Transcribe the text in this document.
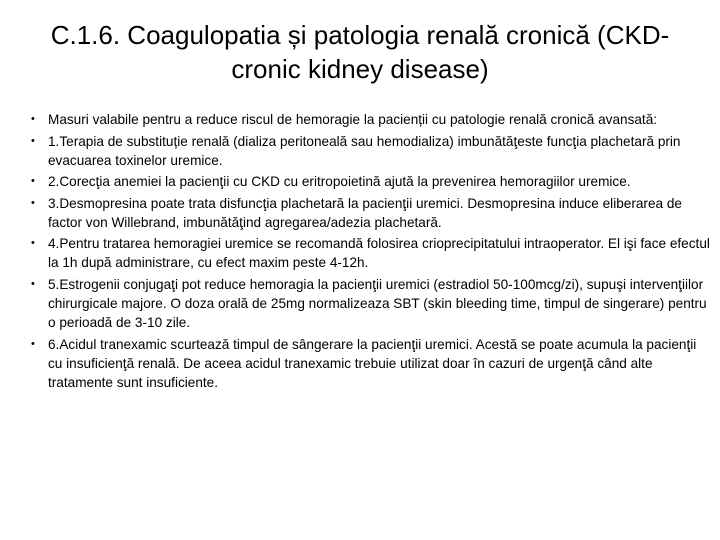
C.1.6. Coagulopatia și patologia renală cronică (CKD-
cronic kidney disease)
• Masuri valabile pentru a reduce riscul de hemoragie la pacienții cu patologie renală cronică avansată:
• 1.Terapia de substituție renală (dializa peritoneală sau hemodializa) imbunătăţeste funcţia plachetară prin evacuarea toxinelor uremice.
• 2.Corecţia anemiei la pacienţii cu CKD cu eritropoietină ajută la prevenirea hemoragiilor uremice.
• 3.Desmopresina poate trata disfuncţia plachetară la pacienţii uremici. Desmopresina induce eliberarea de factor von Willebrand, imbunătăţind agregarea/adezia plachetară.
• 4.Pentru tratarea hemoragiei uremice se recomandă folosirea crioprecipitatului intraoperator. El işi face efectul la 1h după administrare, cu efect maxim peste 4-12h.
• 5.Estrogenii conjugaţi pot reduce hemoragia la pacienţii uremici (estradiol 50-100mcg/zi), supuşi intervenţiilor chirurgicale majore. O doza orală de 25mg normalizeaza SBT (skin bleeding time, timpul de singerare) pentru o perioadă de 3-10 zile.
• 6.Acidul tranexamic scurtează timpul de sângerare la pacienţii uremici. Acestă se poate acumula la pacienţii cu insuficienţă renală. De aceea acidul tranexamic trebuie utilizat doar în cazuri de urgenţă când alte tratamente sunt insuficiente.
